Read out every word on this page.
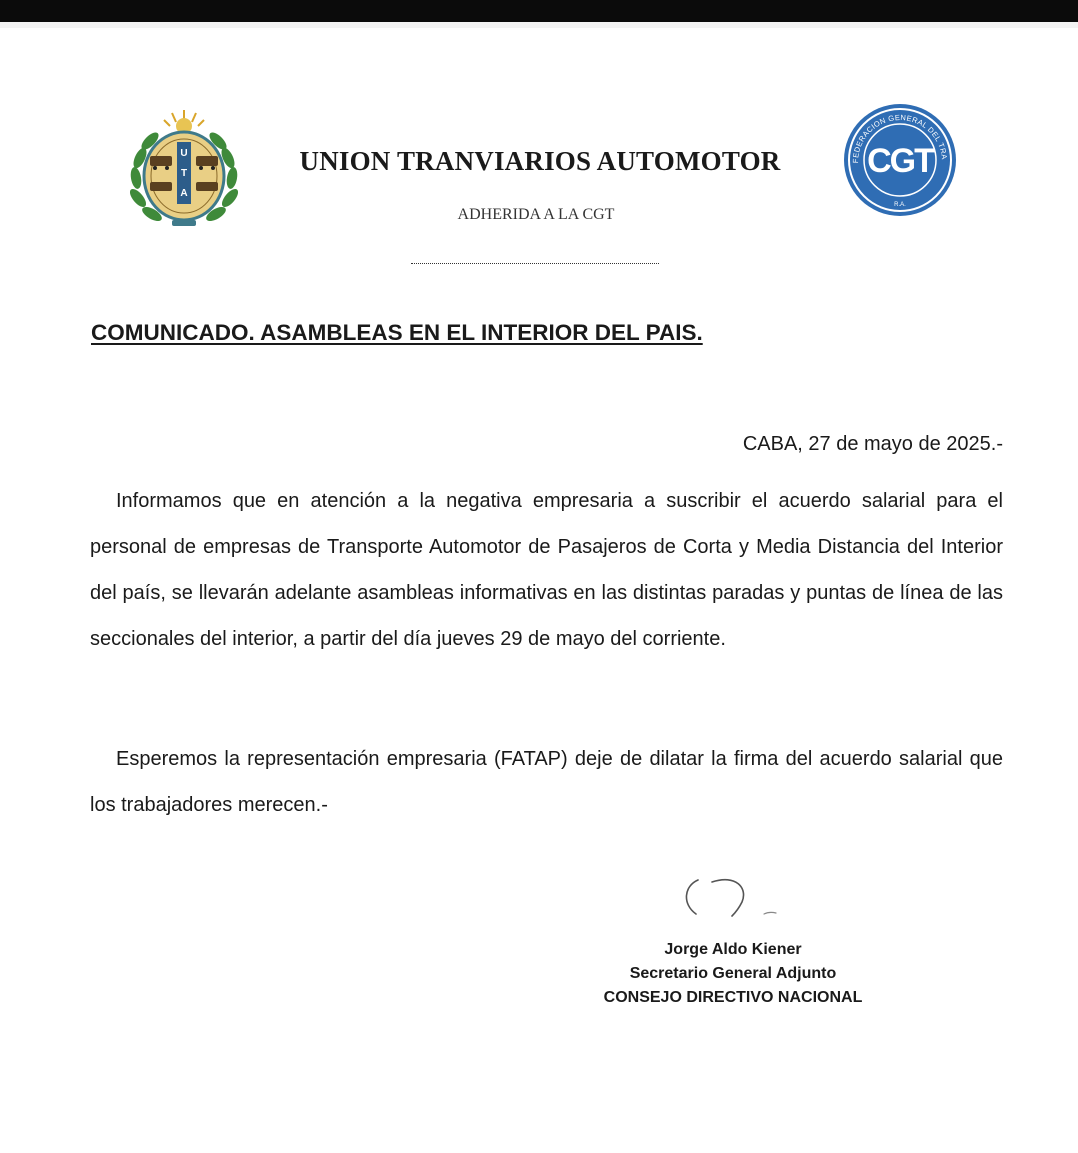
U
T
A
UNION TRANVIARIOS AUTOMOTOR
ADHERIDA A LA CGT
FEDERACION GENERAL DEL TRA
CGT
R.A.
COMUNICADO. ASAMBLEAS EN EL INTERIOR DEL PAIS.
CABA, 27 de mayo de 2025.-

Informamos que en atención a la negativa empresaria a suscribir el acuerdo salarial para el personal de empresas de Transporte Automotor de Pasajeros de Corta y Media Distancia del Interior del país, se llevarán adelante asambleas informativas en las distintas paradas y puntas de línea de las seccionales del interior, a partir del día jueves 29 de mayo del corriente.

Esperemos la representación empresaria (FATAP) deje de dilatar la firma del acuerdo salarial que los trabajadores merecen.-

Jorge Aldo Kiener
Secretario General Adjunto
CONSEJO DIRECTIVO NACIONAL
